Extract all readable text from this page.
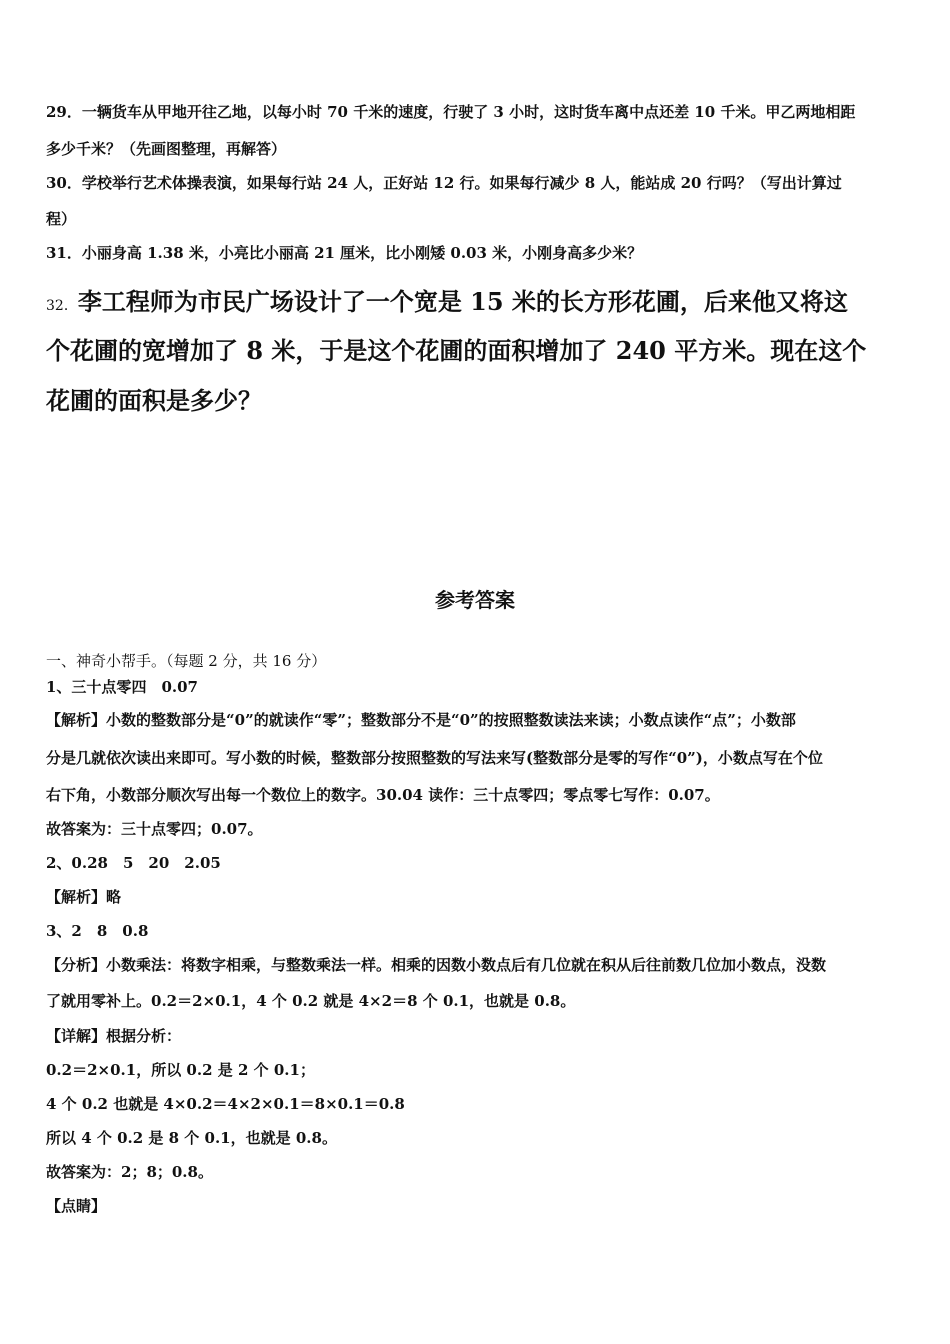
29．一辆货车从甲地开往乙地，以每小时 70 千米的速度，行驶了 3 小时，这时货车离中点还差 10 千米。甲乙两地相距
多少千米？（先画图整理，再解答）
30．学校举行艺术体操表演，如果每行站 24 人，正好站 12 行。如果每行减少 8 人，能站成 20 行吗？（写出计算过
程）
31．小丽身高 1.38 米，小亮比小丽高 21 厘米，比小刚矮 0.03 米，小刚身高多少米？
32．李工程师为市民广场设计了一个宽是 15 米的长方形花圃，后来他又将这
个花圃的宽增加了 8 米，于是这个花圃的面积增加了 240 平方米。现在这个
花圃的面积是多少？
参考答案
一、神奇小帮手。（每题 2 分，共 16 分）
1、三十点零四　0.07
【解析】小数的整数部分是“0”的就读作“零”；整数部分不是“0”的按照整数读法来读；小数点读作“点”；小数部
分是几就依次读出来即可。写小数的时候，整数部分按照整数的写法来写(整数部分是零的写作“0”)，小数点写在个位
右下角，小数部分顺次写出每一个数位上的数字。30.04 读作：三十点零四；零点零七写作：0.07。
故答案为：三十点零四；0.07。
2、0.28　5　20　2.05
【解析】略
3、2　8　0.8
【分析】小数乘法：将数字相乘，与整数乘法一样。相乘的因数小数点后有几位就在积从后往前数几位加小数点，没数
了就用零补上。0.2＝2×0.1，4 个 0.2 就是 4×2＝8 个 0.1，也就是 0.8。
【详解】根据分析：
0.2＝2×0.1，所以 0.2 是 2 个 0.1；
4 个 0.2 也就是 4×0.2＝4×2×0.1＝8×0.1＝0.8
所以 4 个 0.2 是 8 个 0.1，也就是 0.8。
故答案为：2；8；0.8。
【点睛】
